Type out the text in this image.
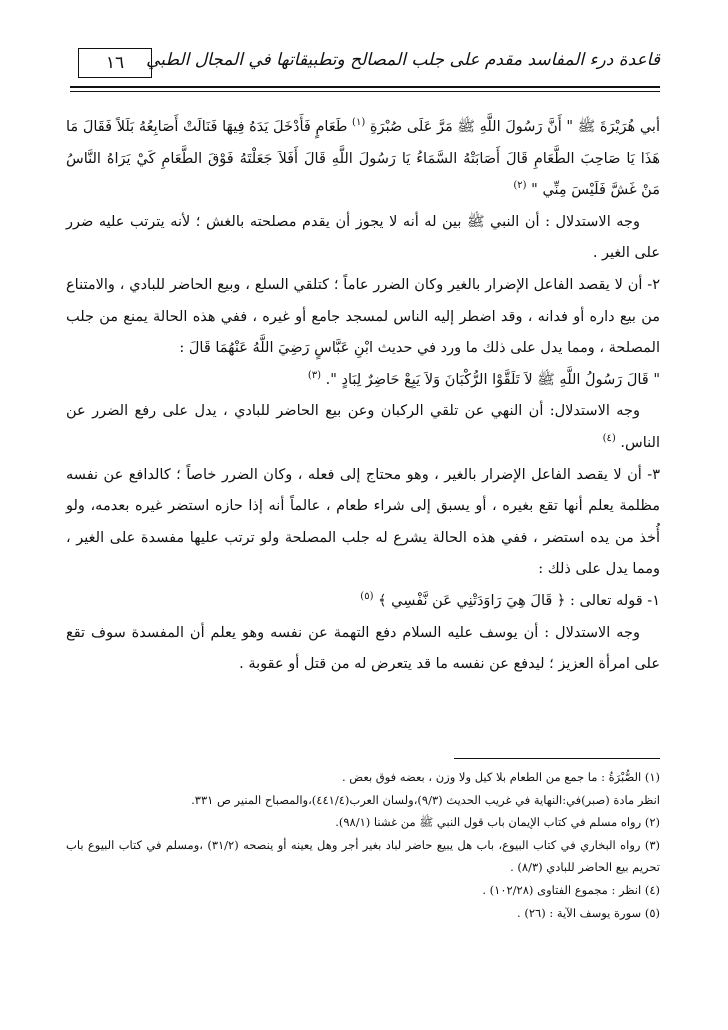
قاعدة درء المفاسد مقدم على جلب المصالح وتطبيقاتها في المجال الطبي
١٦

أبي هُرَيْرَةَ ﷺ " أَنَّ رَسُولَ اللَّهِ ﷺ مَرَّ عَلَى صُبْرَةِ $^{(١)}$ طَعَامٍ فَأَدْخَلَ يَدَهُ فِيهَا فَنَالَتْ أَصَابِعُهُ بَلَلاً فَقَالَ مَا هَذَا يَا صَاحِبَ الطَّعَامِ قَالَ أَصَابَتْهُ السَّمَاءُ يَا رَسُولَ اللَّهِ قَالَ أَفَلاَ جَعَلْتَهُ فَوْقَ الطَّعَامِ كَيْ يَرَاهُ النَّاسُ مَنْ غَشَّ فَلَيْسَ مِنِّي " $^{(٢)}$

وجه الاستدلال : أن النبي ﷺ بين له أنه لا يجوز أن يقدم مصلحته بالغش ؛ لأنه يترتب عليه ضرر على الغير .

٢- أن لا يقصد الفاعل الإضرار بالغير وكان الضرر عاماً ؛ كتلقي السلع ، وبيع الحاضر للبادي ، والامتناع من بيع داره أو فدانه ، وقد اضطر إليه الناس لمسجد جامع أو غيره ، ففي هذه الحالة يمنع من جلب المصلحة ، ومما يدل على ذلك ما ورد في حديث ابْنِ عَبَّاسٍ رَضِيَ اللَّهُ عَنْهُمَا قَالَ :

" قَالَ رَسُولُ اللَّهِ ﷺ لاَ تَلَقَّوْا الرُّكْبَانَ وَلاَ يَبِعْ حَاضِرٌ لِبَادٍ ". $^{(٣)}$

وجه الاستدلال: أن النهي عن تلقي الركبان وعن بيع الحاضر للبادي ، يدل على رفع الضرر عن الناس. $^{(٤)}$

٣- أن لا يقصد الفاعل الإضرار بالغير ، وهو محتاج إلى فعله ، وكان الضرر خاصاً ؛ كالدافع عن نفسه مظلمة يعلم أنها تقع بغيره ، أو يسبق إلى شراء طعام ، عالماً أنه إذا حازه استضر غيره بعدمه، ولو أُخذ من يده استضر ، ففي هذه الحالة يشرع له جلب المصلحة ولو ترتب عليها مفسدة على الغير ، ومما يدل على ذلك :

١- قوله تعالى : ﴿ قَالَ هِيَ رَاوَدَتْنِي عَن نَّفْسِي ﴾ $^{(٥)}$

وجه الاستدلال : أن يوسف عليه السلام دفع التهمة عن نفسه وهو يعلم أن المفسدة سوف تقع على امرأة العزيز ؛ ليدفع عن نفسه ما قد يتعرض له من قتل أو عقوبة .

(١) الصُّبْرَةُ : ما جمع من الطعام بلا كيل ولا وزن ، بعضه فوق بعض .

انظر مادة (صبر)في:النهاية في غريب الحديث (٩/٣)،ولسان العرب(٤٤١/٤)،والمصباح المنير ص ٣٣١.

(٢) رواه مسلم في كتاب الإيمان باب قول النبي ﷺ من غشنا (٩٨/١).

(٣) رواه البخاري في كتاب البيوع، باب هل يبيع حاضر لباد بغير أجر وهل يعينه أو ينصحه (٣١/٢) ،ومسلم في كتاب البيوع باب تحريم بيع الحاضر للبادي (٨/٣) .

(٤) انظر : مجموع الفتاوى (١٠٢/٢٨) .

(٥) سورة يوسف الآية : (٢٦) .
